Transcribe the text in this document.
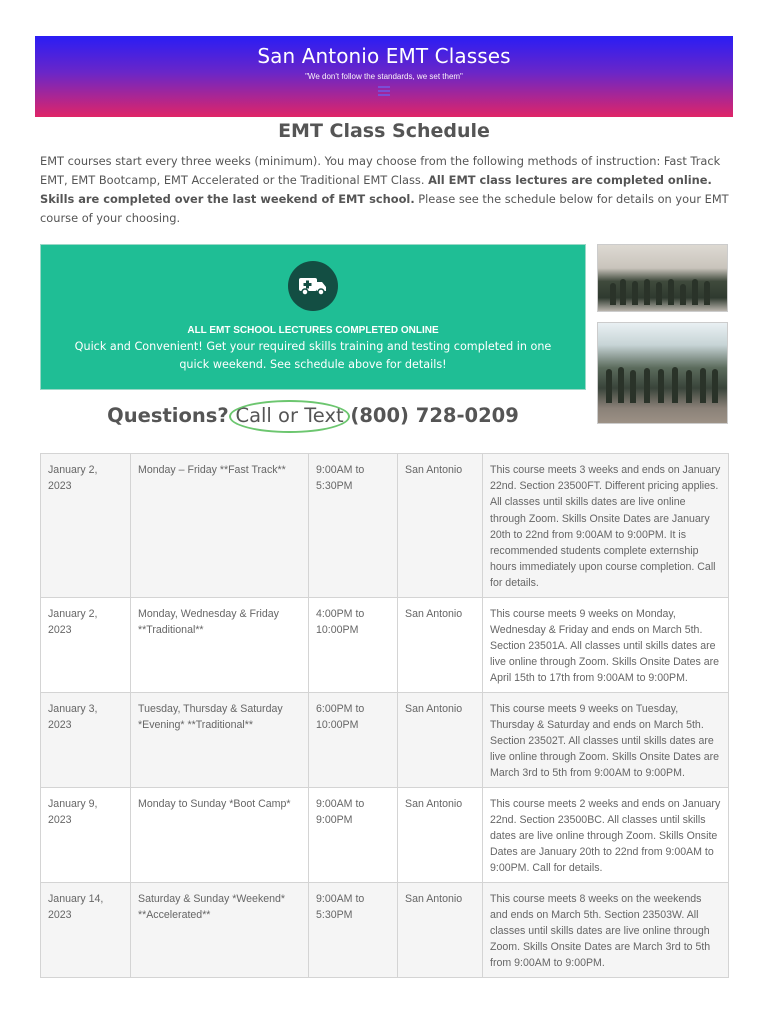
San Antonio EMT Classes
"We don't follow the standards, we set them"
EMT Class Schedule
EMT courses start every three weeks (minimum). You may choose from the following methods of instruction: Fast Track EMT, EMT Bootcamp, EMT Accelerated or the Traditional EMT Class. All EMT class lectures are completed online. Skills are completed over the last weekend of EMT school. Please see the schedule below for details on your EMT course of your choosing.
ALL EMT SCHOOL LECTURES COMPLETED ONLINE
Quick and Convenient! Get your required skills training and testing completed in one quick weekend. See schedule above for details!
Questions? Call or Text
(800) 728-0209
January 2, 2023	Monday – Friday **Fast Track**	9:00AM to 5:30PM	San Antonio	This course meets 3 weeks and ends on January 22nd. Section 23500FT. Different pricing applies. All classes until skills dates are live online through Zoom. Skills Onsite Dates are January 20th to 22nd from 9:00AM to 9:00PM. It is recommended students complete externship hours immediately upon course completion. Call for details.
January 2, 2023	Monday, Wednesday & Friday **Traditional**	4:00PM to 10:00PM	San Antonio	This course meets 9 weeks on Monday, Wednesday & Friday and ends on March 5th. Section 23501A. All classes until skills dates are live online through Zoom. Skills Onsite Dates are April 15th to 17th from 9:00AM to 9:00PM.
January 3, 2023	Tuesday, Thursday & Saturday *Evening* **Traditional**	6:00PM to 10:00PM	San Antonio	This course meets 9 weeks on Tuesday, Thursday & Saturday and ends on March 5th. Section 23502T. All classes until skills dates are live online through Zoom. Skills Onsite Dates are March 3rd to 5th from 9:00AM to 9:00PM.
January 9, 2023	Monday to Sunday *Boot Camp*	9:00AM to 9:00PM	San Antonio	This course meets 2 weeks and ends on January 22nd. Section 23500BC. All classes until skills dates are live online through Zoom. Skills Onsite Dates are January 20th to 22nd from 9:00AM to 9:00PM. Call for details.
January 14, 2023	Saturday & Sunday *Weekend* **Accelerated**	9:00AM to 5:30PM	San Antonio	This course meets 8 weeks on the weekends and ends on March 5th. Section 23503W. All classes until skills dates are live online through Zoom. Skills Onsite Dates are March 3rd to 5th from 9:00AM to 9:00PM.
